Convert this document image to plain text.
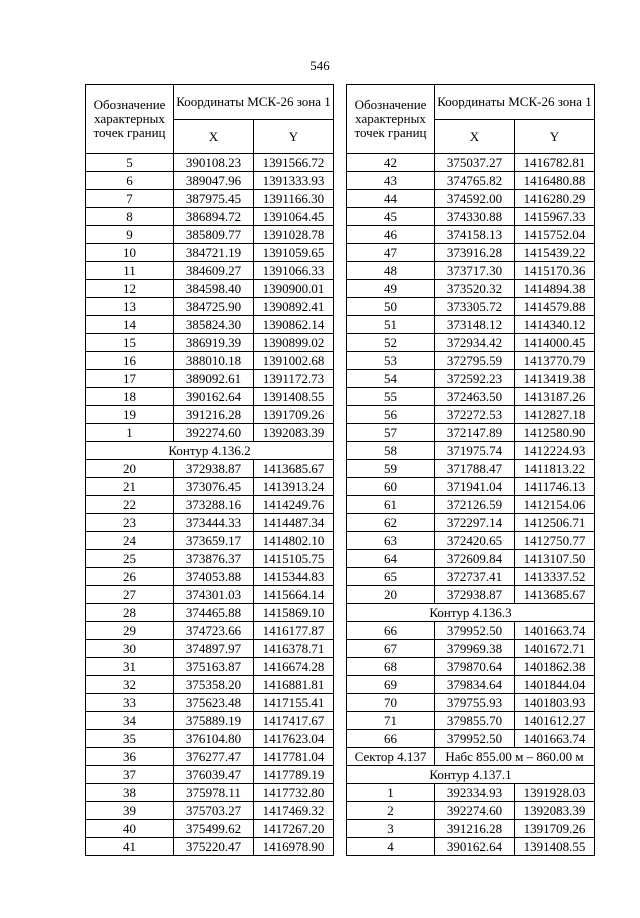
546
Обозначение характерных точек границ	Координаты МСК-26 зона 1	
	X	Y
5	390108.23	1391566.72
6	389047.96	1391333.93
7	387975.45	1391166.30
8	386894.72	1391064.45
9	385809.77	1391028.78
10	384721.19	1391059.65
11	384609.27	1391066.33
12	384598.40	1390900.01
13	384725.90	1390892.41
14	385824.30	1390862.14
15	386919.39	1390899.02
16	388010.18	1391002.68
17	389092.61	1391172.73
18	390162.64	1391408.55
19	391216.28	1391709.26
1	392274.60	1392083.39
Контур 4.136.2		
20	372938.87	1413685.67
21	373076.45	1413913.24
22	373288.16	1414249.76
23	373444.33	1414487.34
24	373659.17	1414802.10
25	373876.37	1415105.75
26	374053.88	1415344.83
27	374301.03	1415664.14
28	374465.88	1415869.10
29	374723.66	1416177.87
30	374897.97	1416378.71
31	375163.87	1416674.28
32	375358.20	1416881.81
33	375623.48	1417155.41
34	375889.19	1417417.67
35	376104.80	1417623.04
36	376277.47	1417781.04
37	376039.47	1417789.19
38	375978.11	1417732.80
39	375703.27	1417469.32
40	375499.62	1417267.20
41	375220.47	1416978.90
Обозначение характерных точек границ	Координаты МСК-26 зона 1	
	X	Y
42	375037.27	1416782.81
43	374765.82	1416480.88
44	374592.00	1416280.29
45	374330.88	1415967.33
46	374158.13	1415752.04
47	373916.28	1415439.22
48	373717.30	1415170.36
49	373520.32	1414894.38
50	373305.72	1414579.88
51	373148.12	1414340.12
52	372934.42	1414000.45
53	372795.59	1413770.79
54	372592.23	1413419.38
55	372463.50	1413187.26
56	372272.53	1412827.18
57	372147.89	1412580.90
58	371975.74	1412224.93
59	371788.47	1411813.22
60	371941.04	1411746.13
61	372126.59	1412154.06
62	372297.14	1412506.71
63	372420.65	1412750.77
64	372609.84	1413107.50
65	372737.41	1413337.52
20	372938.87	1413685.67
Контур 4.136.3		
66	379952.50	1401663.74
67	379969.38	1401672.71
68	379870.64	1401862.38
69	379834.64	1401844.04
70	379755.93	1401803.93
71	379855.70	1401612.27
66	379952.50	1401663.74
Сектор 4.137	Набс 855.00 м – 860.00 м	
Контур 4.137.1		
1	392334.93	1391928.03
2	392274.60	1392083.39
3	391216.28	1391709.26
4	390162.64	1391408.55
